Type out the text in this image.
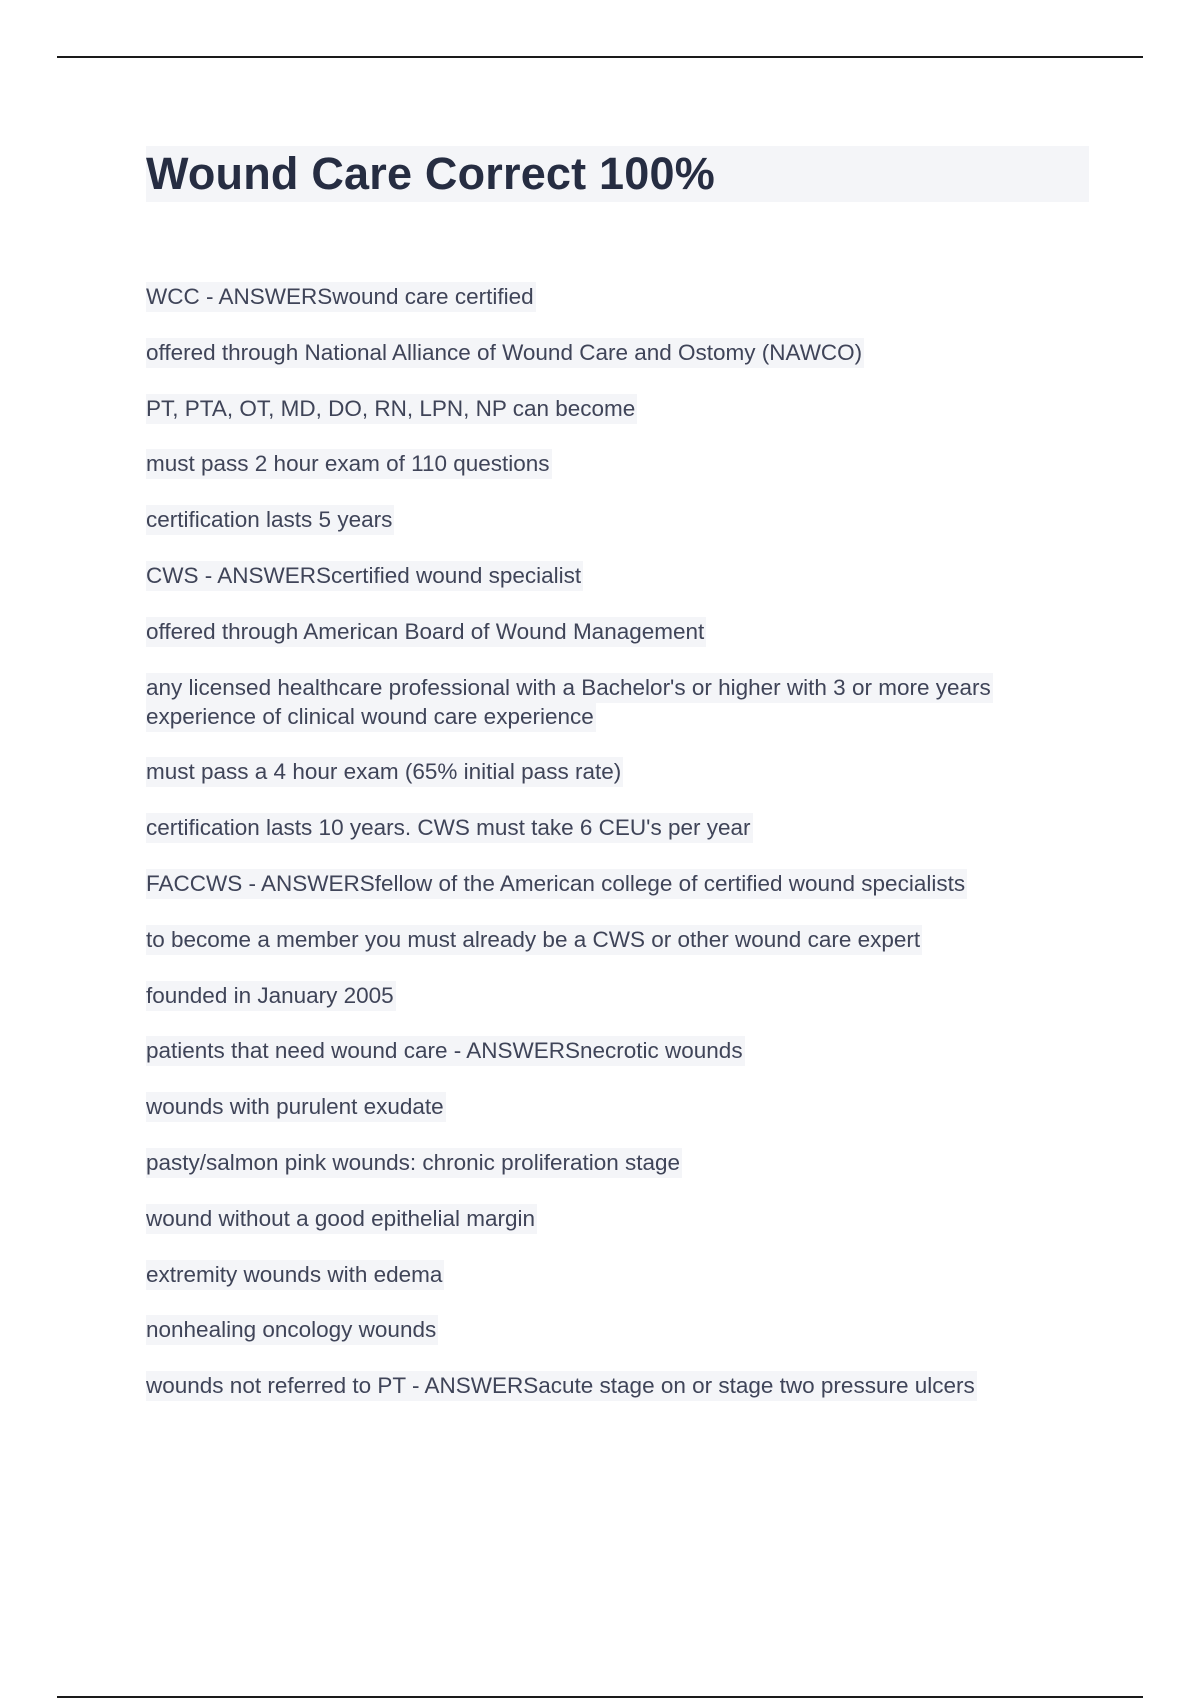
Wound Care Correct 100%
WCC - ANSWERSwound care certified
offered through National Alliance of Wound Care and Ostomy (NAWCO)
PT, PTA, OT, MD, DO, RN, LPN, NP can become
must pass 2 hour exam of 110 questions
certification lasts 5 years
CWS - ANSWERScertified wound specialist
offered through American Board of Wound Management
any licensed healthcare professional with a Bachelor's or higher with 3 or more years experience of clinical wound care experience
must pass a 4 hour exam (65% initial pass rate)
certification lasts 10 years. CWS must take 6 CEU's per year
FACCWS - ANSWERSfellow of the American college of certified wound specialists
to become a member you must already be a CWS or other wound care expert
founded in January 2005
patients that need wound care - ANSWERSnecrotic wounds
wounds with purulent exudate
pasty/salmon pink wounds: chronic proliferation stage
wound without a good epithelial margin
extremity wounds with edema
nonhealing oncology wounds
wounds not referred to PT - ANSWERSacute stage on or stage two pressure ulcers
